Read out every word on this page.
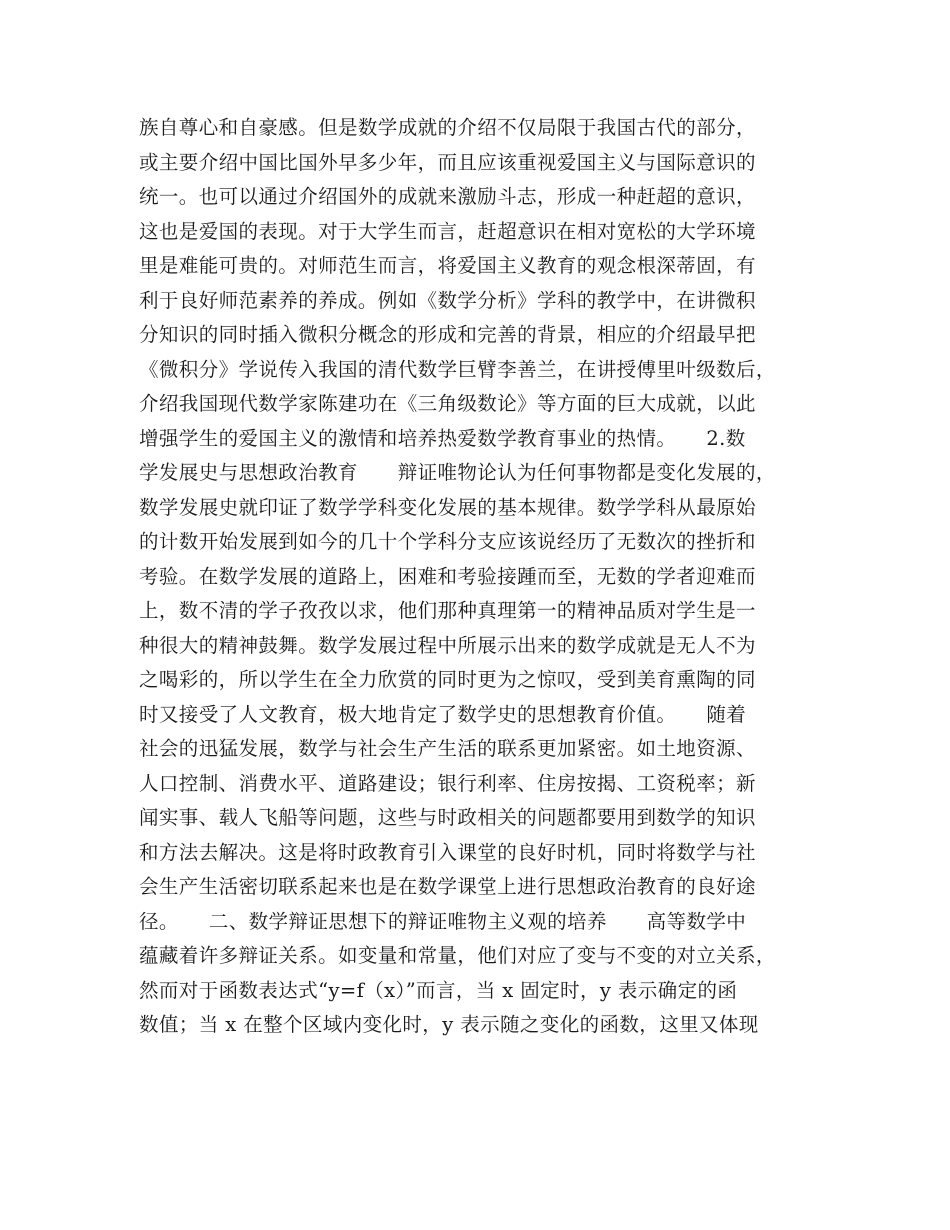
族自尊心和自豪感。但是数学成就的介绍不仅局限于我国古代的部分，
或主要介绍中国比国外早多少年，而且应该重视爱国主义与国际意识的
统一。也可以通过介绍国外的成就来激励斗志，形成一种赶超的意识，
这也是爱国的表现。对于大学生而言，赶超意识在相对宽松的大学环境
里是难能可贵的。对师范生而言，将爱国主义教育的观念根深蒂固，有
利于良好师范素养的养成。例如《数学分析》学科的教学中，在讲微积
分知识的同时插入微积分概念的形成和完善的背景，相应的介绍最早把
《微积分》学说传入我国的清代数学巨臂李善兰，在讲授傅里叶级数后，
介绍我国现代数学家陈建功在《三角级数论》等方面的巨大成就，以此
增强学生的爱国主义的激情和培养热爱数学教育事业的热情。　　2.数
学发展史与思想政治教育　　辩证唯物论认为任何事物都是变化发展的，
数学发展史就印证了数学学科变化发展的基本规律。数学学科从最原始
的计数开始发展到如今的几十个学科分支应该说经历了无数次的挫折和
考验。在数学发展的道路上，困难和考验接踵而至，无数的学者迎难而
上，数不清的学子孜孜以求，他们那种真理第一的精神品质对学生是一
种很大的精神鼓舞。数学发展过程中所展示出来的数学成就是无人不为
之喝彩的，所以学生在全力欣赏的同时更为之惊叹，受到美育熏陶的同
时又接受了人文教育，极大地肯定了数学史的思想教育价值。　　随着
社会的迅猛发展，数学与社会生产生活的联系更加紧密。如土地资源、
人口控制、消费水平、道路建设；银行利率、住房按揭、工资税率；新
闻实事、载人飞船等问题，这些与时政相关的问题都要用到数学的知识
和方法去解决。这是将时政教育引入课堂的良好时机，同时将数学与社
会生产生活密切联系起来也是在数学课堂上进行思想政治教育的良好途
径。　　二、数学辩证思想下的辩证唯物主义观的培养　　高等数学中
蕴藏着许多辩证关系。如变量和常量，他们对应了变与不变的对立关系，
然而对于函数表达式“y=f（x）”而言，当 x 固定时，y 表示确定的函
数值；当 x 在整个区域内变化时，y 表示随之变化的函数，这里又体现
